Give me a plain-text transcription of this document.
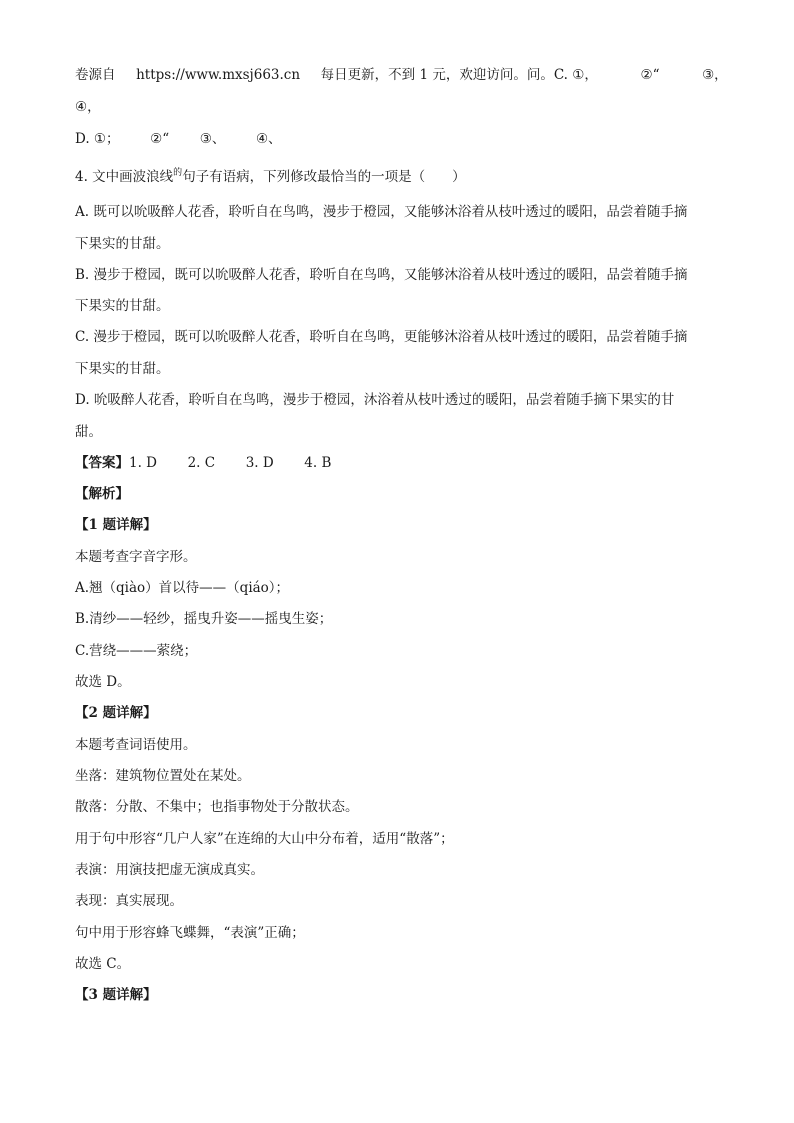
卷源自 https://www.mxsj663.cn 每日更新，不到 1 元，欢迎访问。问。C. ①，	②“	③，
④，
D. ①； ②“ ③、 ④、
4. 文中画波浪线$^的$句子有语病，下列修改最恰当的一项是（　　）
A. 既可以吮吸醉人花香，聆听自在鸟鸣，漫步于橙园，又能够沐浴着从枝叶透过的暖阳，品尝着随手摘
下果实的甘甜。
B. 漫步于橙园，既可以吮吸醉人花香，聆听自在鸟鸣，又能够沐浴着从枝叶透过的暖阳，品尝着随手摘
下果实的甘甜。
C. 漫步于橙园，既可以吮吸醉人花香，聆听自在鸟鸣，更能够沐浴着从枝叶透过的暖阳，品尝着随手摘
下果实的甘甜。
D. 吮吸醉人花香，聆听自在鸟鸣，漫步于橙园，沐浴着从枝叶透过的暖阳，品尝着随手摘下果实的甘
甜。
【答案】1. D 2. C 3. D 4. B
【解析】
【1 题详解】
本题考查字音字形。
A.翘（qiào）首以待——（qiáo）；
B.清纱——轻纱，摇曳升姿——摇曳生姿；
C.营绕———萦绕；
故选 D。
【2 题详解】
本题考查词语使用。
坐落：建筑物位置处在某处。
散落：分散、不集中；也指事物处于分散状态。
用于句中形容“几户人家”在连绵的大山中分布着，适用“散落”；
表演：用演技把虚无演成真实。
表现：真实展现。
句中用于形容蜂飞蝶舞，“表演”正确；
故选 C。
【3 题详解】
